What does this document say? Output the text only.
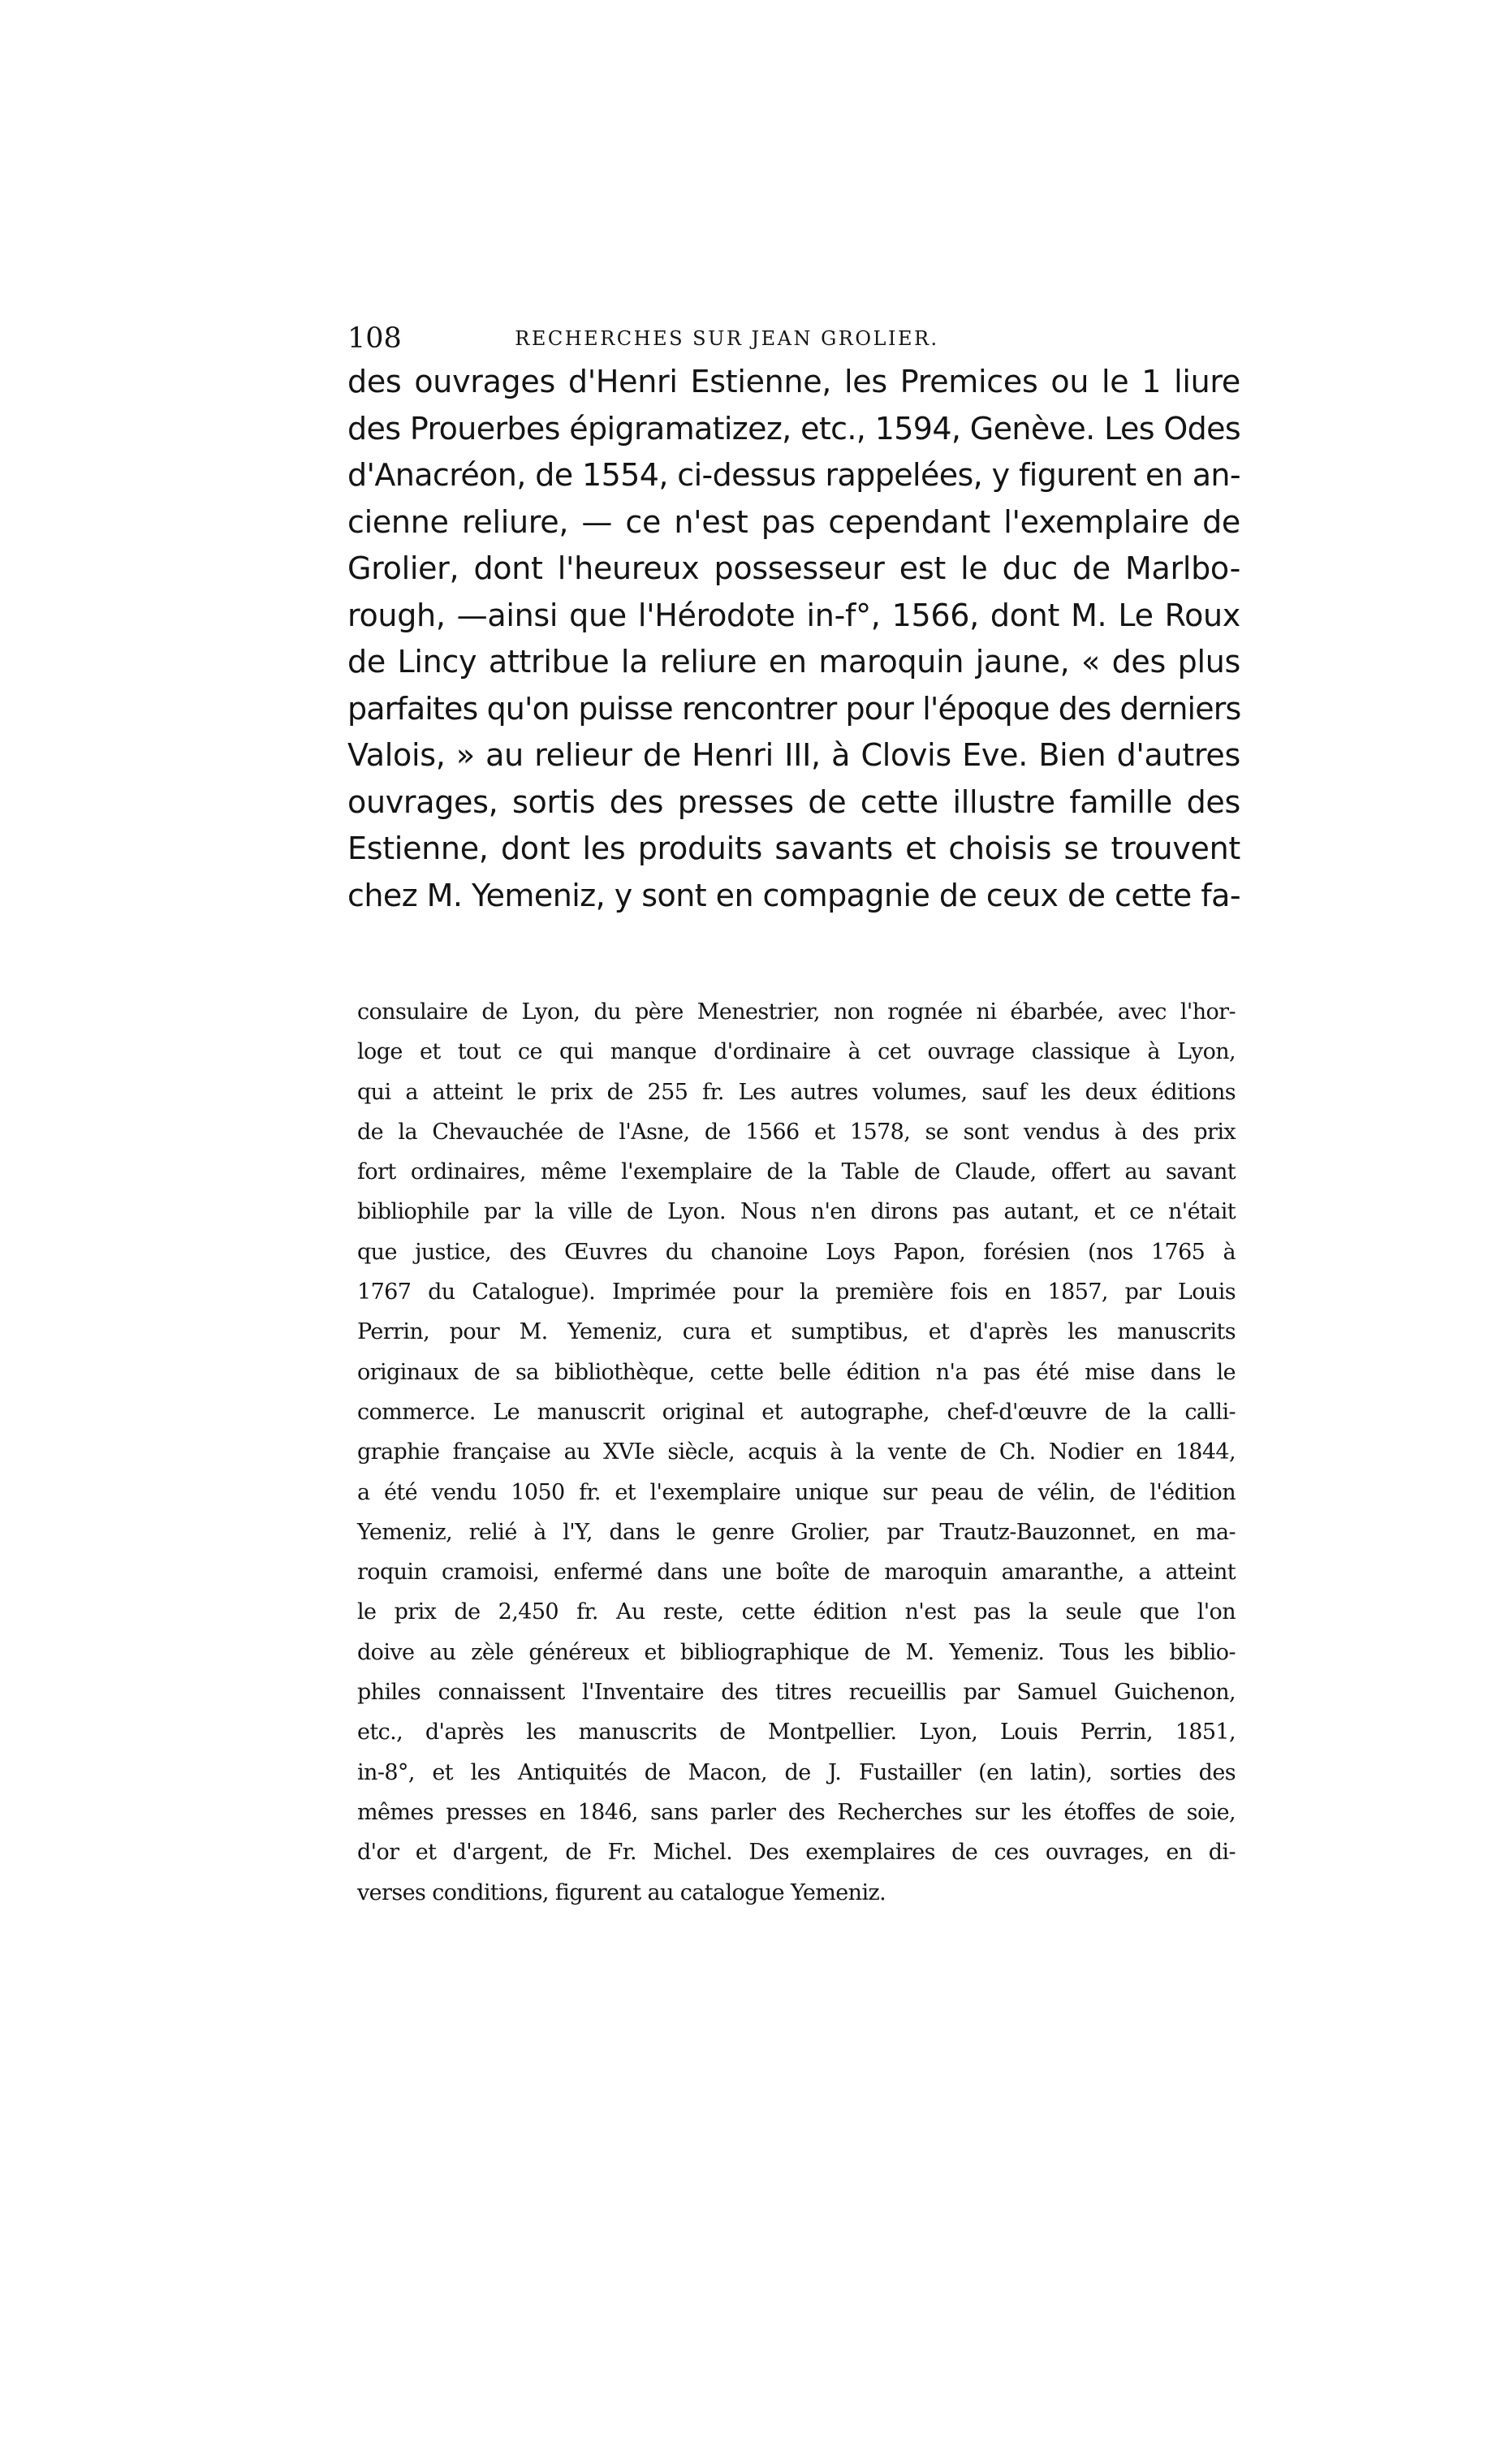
108	RECHERCHES SUR JEAN GROLIER.
des ouvrages d'Henri Estienne, les Premices ou le 1 liure
des Prouerbes épigramatizez, etc., 1594, Genève. Les Odes
d'Anacréon, de 1554, ci-dessus rappelées, y figurent en an-
cienne reliure, — ce n'est pas cependant l'exemplaire de
Grolier, dont l'heureux possesseur est le duc de Marlbo-
rough, —ainsi que l'Hérodote in-f°, 1566, dont M. Le Roux
de Lincy attribue la reliure en maroquin jaune, « des plus
parfaites qu'on puisse rencontrer pour l'époque des derniers
Valois, » au relieur de Henri III, à Clovis Eve. Bien d'autres
ouvrages, sortis des presses de cette illustre famille des
Estienne, dont les produits savants et choisis se trouvent
chez M. Yemeniz, y sont en compagnie de ceux de cette fa-
consulaire de Lyon, du père Menestrier, non rognée ni ébarbée, avec l'hor-
loge et tout ce qui manque d'ordinaire à cet ouvrage classique à Lyon,
qui a atteint le prix de 255 fr. Les autres volumes, sauf les deux éditions
de la Chevauchée de l'Asne, de 1566 et 1578, se sont vendus à des prix
fort ordinaires, même l'exemplaire de la Table de Claude, offert au savant
bibliophile par la ville de Lyon. Nous n'en dirons pas autant, et ce n'était
que justice, des Œuvres du chanoine Loys Papon, forésien (nos 1765 à
1767 du Catalogue). Imprimée pour la première fois en 1857, par Louis
Perrin, pour M. Yemeniz, cura et sumptibus, et d'après les manuscrits
originaux de sa bibliothèque, cette belle édition n'a pas été mise dans le
commerce. Le manuscrit original et autographe, chef-d'œuvre de la calli-
graphie française au XVIe siècle, acquis à la vente de Ch. Nodier en 1844,
a été vendu 1050 fr. et l'exemplaire unique sur peau de vélin, de l'édition
Yemeniz, relié à l'Y, dans le genre Grolier, par Trautz-Bauzonnet, en ma-
roquin cramoisi, enfermé dans une boîte de maroquin amaranthe, a atteint
le prix de 2,450 fr. Au reste, cette édition n'est pas la seule que l'on
doive au zèle généreux et bibliographique de M. Yemeniz. Tous les biblio-
philes connaissent l'Inventaire des titres recueillis par Samuel Guichenon,
etc., d'après les manuscrits de Montpellier. Lyon, Louis Perrin, 1851,
in-8°, et les Antiquités de Macon, de J. Fustailler (en latin), sorties des
mêmes presses en 1846, sans parler des Recherches sur les étoffes de soie,
d'or et d'argent, de Fr. Michel. Des exemplaires de ces ouvrages, en di-
verses conditions, figurent au catalogue Yemeniz.
